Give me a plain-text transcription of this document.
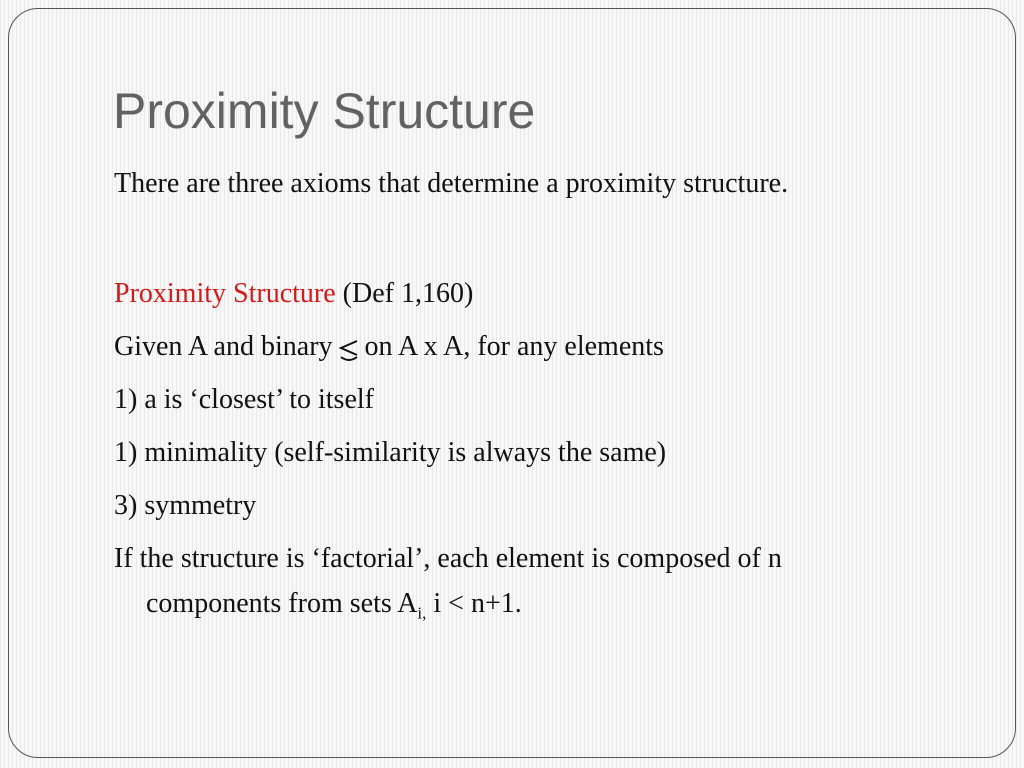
Proximity Structure
There are three axioms that determine a proximity structure.
Proximity Structure (Def 1,160)
Given A and binary on A x A, for any elements
1) a is ‘closest’ to itself
1) minimality (self-similarity is always the same)
3) symmetry
If the structure is ‘factorial’, each element is composed of n
components from sets $A_{i,}$ i < n+1.
